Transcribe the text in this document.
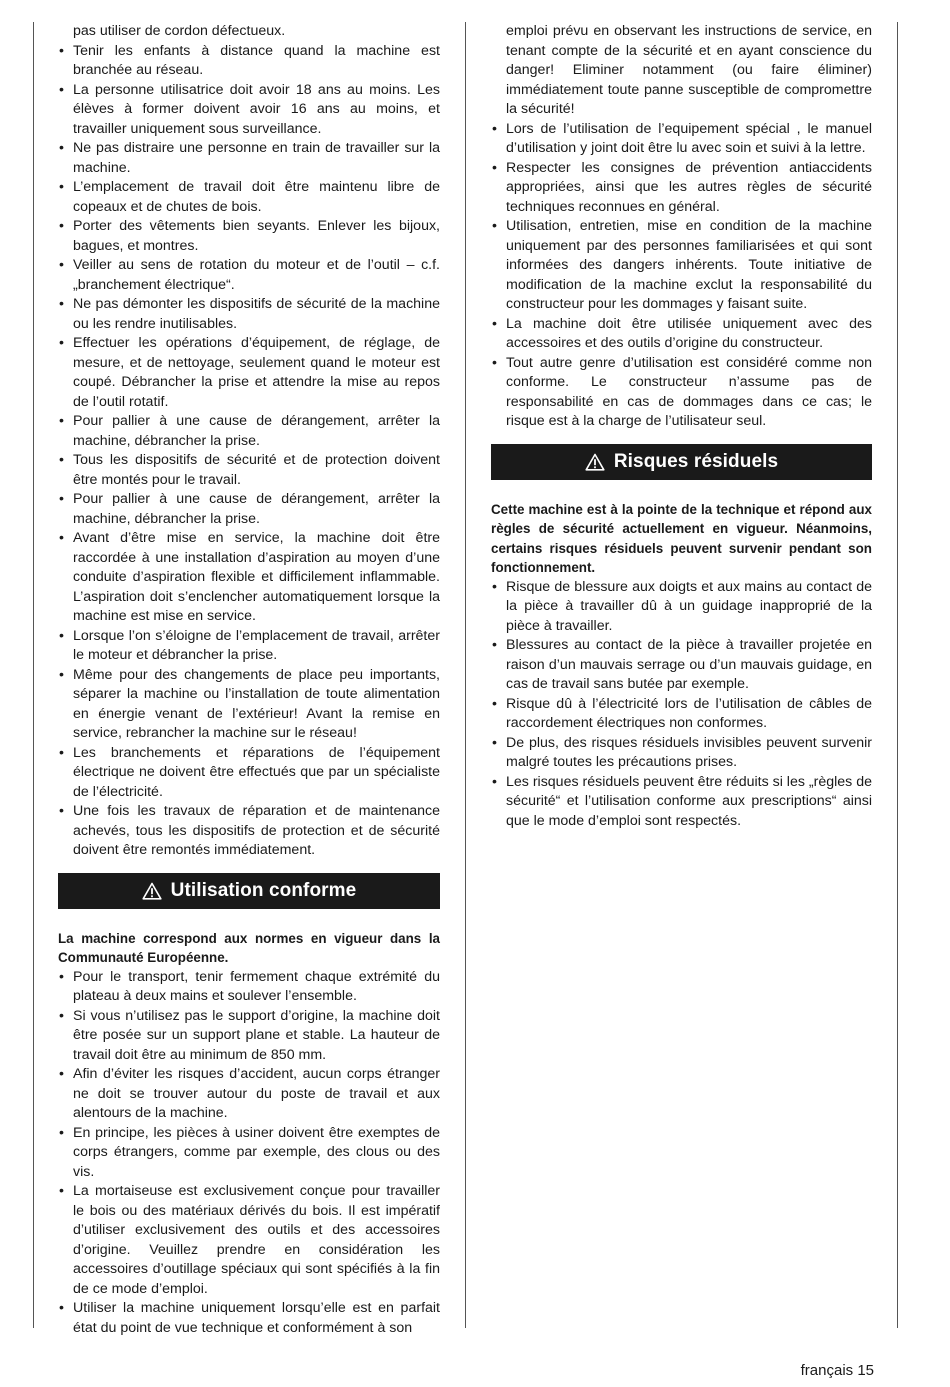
pas utiliser de cordon défectueux.

• Tenir les enfants à distance quand la machine est branchée au réseau.
• La personne utilisatrice doit avoir 18 ans au moins. Les élèves à former doivent avoir 16 ans au moins, et travailler uniquement sous surveillance.
• Ne pas distraire une personne en train de travailler sur la machine.
• L’emplacement de travail doit être maintenu libre de copeaux et de chutes de bois.
• Porter des vêtements bien seyants. Enlever les bijoux, bagues, et montres.
• Veiller au sens de rotation du moteur et de l’outil – c.f. „branchement électrique“.
• Ne pas démonter les dispositifs de sécurité de la machine ou les rendre inutilisables.
• Effectuer les opérations d’équipement, de réglage, de mesure, et de nettoyage, seulement quand le moteur est coupé. Débrancher la prise et attendre la mise au repos de l’outil rotatif.
• Pour pallier à une cause de dérangement, arrêter la machine, débrancher la prise.
• Tous les dispositifs de sécurité et de protection doivent être montés pour le travail.
• Pour pallier à une cause de dérangement, arrêter la machine, débrancher la prise.
• Avant d’être mise en service, la machine doit être raccordée à une installation d’aspiration au moyen d’une conduite d’aspiration flexible et difficilement inflammable. L’aspiration doit s’enclencher automatiquement lorsque la machine est mise en service.
• Lorsque l’on s’éloigne de l’emplacement de travail, arrêter le moteur et débrancher la prise.
• Même pour des changements de place peu importants, séparer la machine ou l’installation de toute alimentation en énergie venant de l’extérieur! Avant la remise en service, rebrancher la machine sur le réseau!
• Les branchements et réparations de l’équipement électrique ne doivent être effectués que par un spécialiste de l’électricité.
• Une fois les travaux de réparation et de maintenance achevés, tous les dispositifs de protection et de sécurité doivent être remontés immédiatement.
Utilisation conforme

La machine correspond aux normes en vigueur dans la Communauté Européenne.

• Pour le transport, tenir fermement chaque extrémité du plateau à deux mains et soulever l’ensemble.
• Si vous n’utilisez pas le support d’origine, la machine doit être posée sur un support plane et stable. La hauteur de travail doit être au minimum de 850 mm.
• Afin d’éviter les risques d’accident, aucun corps étranger ne doit se trouver autour du poste de travail et aux alentours de la machine.
• En principe, les pièces à usiner doivent être exemptes de corps étrangers, comme par exemple, des clous ou des vis.
• La mortaiseuse est exclusivement conçue pour travailler le bois ou des matériaux dérivés du bois. Il est impératif d’utiliser exclusivement des outils et des accessoires d’origine. Veuillez prendre en considération les accessoires d’outillage spéciaux qui sont spécifiés à la fin de ce mode d’emploi.
• Utiliser la machine uniquement lorsqu’elle est en parfait état du point de vue technique et conformément à son

emploi prévu en observant les instructions de service, en tenant compte de la sécurité et en ayant conscience du danger! Eliminer notamment (ou faire éliminer) immédiatement toute panne susceptible de compromettre la sécurité!

• Lors de l’utilisation de l’equipement spécial , le manuel d’utilisation y joint doit être lu avec soin et suivi à la lettre.
• Respecter les consignes de prévention antiaccidents appropriées, ainsi que les autres règles de sécurité techniques reconnues en général.
• Utilisation, entretien, mise en condition de la machine uniquement par des personnes familiarisées et qui sont informées des dangers inhérents. Toute initiative de modification de la machine exclut la responsabilité du constructeur pour les dommages y faisant suite.
• La machine doit être utilisée uniquement avec des accessoires et des outils d’origine du constructeur.
• Tout autre genre d’utilisation est considéré comme non conforme. Le constructeur n’assume pas de responsabilité en cas de dommages dans ce cas; le risque est à la charge de l’utilisateur seul.
Risques résiduels

Cette machine est à la pointe de la technique et répond aux règles de sécurité actuellement en vigueur. Néanmoins, certains risques résiduels peuvent survenir pendant son fonctionnement.

• Risque de blessure aux doigts et aux mains au contact de la pièce à travailler dû à un guidage inapproprié de la pièce à travailler.
• Blessures au contact de la pièce à travailler projetée en raison d’un mauvais serrage ou d’un mauvais guidage, en cas de travail sans butée par exemple.
• Risque dû à l’électricité lors de l’utilisation de câbles de raccordement électriques non conformes.
• De plus, des risques résiduels invisibles peuvent survenir malgré toutes les précautions prises.
• Les risques résiduels peuvent être réduits si les „règles de sécurité“ et l’utilisation conforme aux prescriptions“ ainsi que le mode d’emploi sont respectés.
français 15
